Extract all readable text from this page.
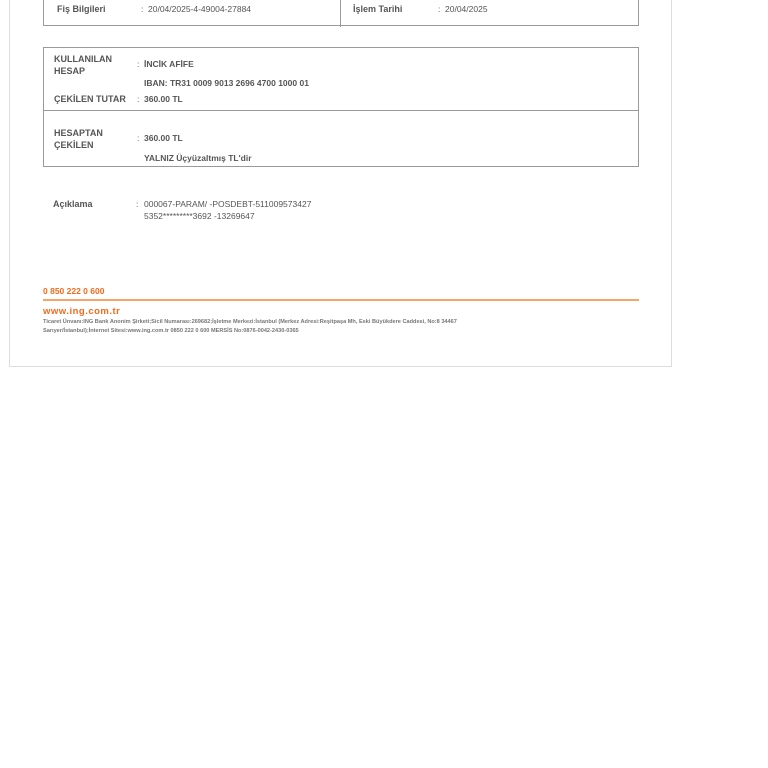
Fiş Bilgileri	: 20/04/2025-4-49004-27884	İşlem Tarihi	: 20/04/2025
KULLANILAN
HESAP
: İNCİK AFİFE
IBAN: TR31 0009 9013 2696 4700 1000 01
ÇEKİLEN TUTAR : 360.00 TL
HESAPTAN
ÇEKİLEN
: 360.00 TL
YALNIZ Üçyüzaltmış TL'dir
Açıklama	: 000067-PARAM/ -POSDEBT-511009573427
5352*********3692 -13269647
0 850 222 0 600
www.ing.com.tr
Ticaret Ünvanı:ING Bank Anonim Şirketi;Sicil Numarası:269682;İşletme Merkezi:İstanbul (Merkez Adresi:Reşitpaşa Mh, Eski Büyükdere Caddesi, No:8 34467
Sarıyer/İstanbul);İnternet Sitesi:www.ing.com.tr 0850 222 0 600 MERSİS No:0876-0042-2430-0365
